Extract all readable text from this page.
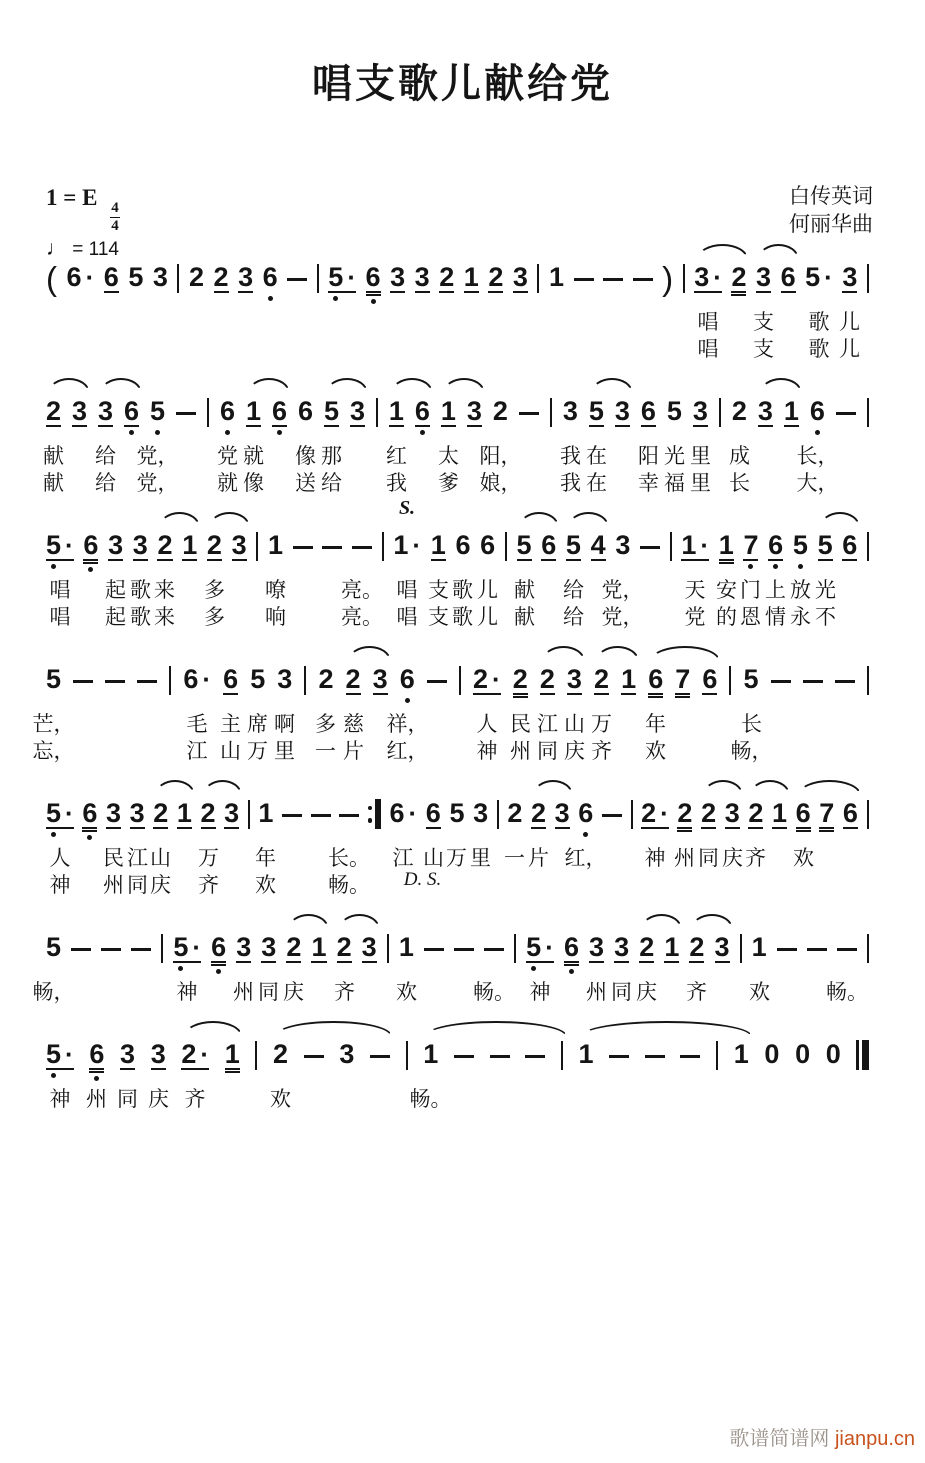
唱支歌儿献给党
1 = E
$\frac{4}{4}$
♩ = 114
白传英词
何丽华曲
( 6 · 6 5 3 2 2 3 6 5 · 6 3 3 2 1 2 3 1	) 3 · 2 3 6 5 · 3
唱 支 歌 儿
唱 支 歌 儿
2 3 3 6 5 6 1 6 6 5 3 1 6 1 3 2 3 5 3 6 5 3 2 3 1 6
献 给 党， 党 就 像 那 红 太 阳， 我 在 阳 光 里 成 长，
献 给 党， 就 像 送 给 我 爹 娘， 我 在 幸 福 里 长 大，
5 · 6 3 3 2 1 2 3 1	1 · 1 6 6 5 6 5 4 3 1 · 1 7 6 5 5 6
S.
唱 起 歌 来 多 嘹	亮。 唱 支 歌 儿 献 给 党， 天 安 门 上 放 光
唱 起 歌 来 多 响	亮。 唱 支 歌 儿 献 给 党， 党 的 恩 情 永 不
5	6 · 6 5 3 2 2 3 6 2 · 2 2 3 2 1 6 7 6 5
芒，	毛 主 席 啊 多 慈 祥， 人 民 江 山 万 年	长
忘，	江 山 万 里 一 片 红， 神 州 同 庆 齐 欢	畅，
5 · 6 3 3 2 1 2 3 1	6 · 6 5 3 2 2 3 6 2 · 2 2 3 2 1 6 7 6
人 民 江 山 万 年 长。 江 山 万 里 一 片 红， 神 州 同 庆 齐 欢
神 州 同 庆 齐 欢 畅。 D. S.
5	5 · 6 3 3 2 1 2 3 1	5 · 6 3 3 2 1 2 3 1
畅，	神 州 同 庆 齐 欢	畅。 神 州 同 庆 齐 欢	畅。
5 · 6 3 3 2 · 1 2 3	1	1	1 0 0 0
神 州 同 庆 齐	欢	畅。
歌谱简谱网 jianpu.cn
